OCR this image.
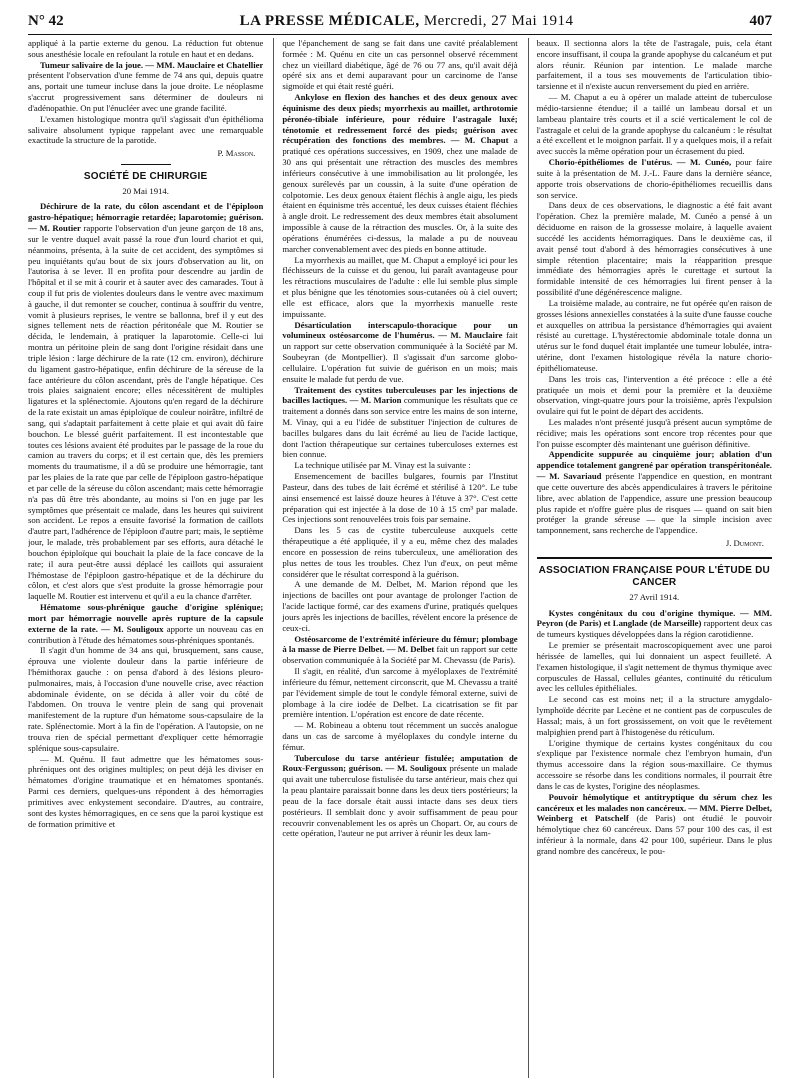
N° 42	LA PRESSE MÉDICALE, Mercredi, 27 Mai 1914	407

appliqué à la partie externe du genou. La réduction fut obtenue sous anesthésie locale en refoulant la rotule en haut et en dedans.

Tumeur salivaire de la joue. — MM. Mauclaire et Chatellier présentent l'observation d'une femme de 74 ans qui, depuis quatre ans, portait une tumeur incluse dans la joue droite. Le néoplasme s'accrut progressivement sans déterminer de douleurs ni d'adénopathie. On put l'énucléer avec une grande facilité.

L'examen histologique montra qu'il s'agissait d'un épithélioma salivaire absolument typique rappelant avec une remarquable exactitude la structure de la parotide.

P. Masson.
SOCIÉTÉ DE CHIRURGIE
20 Mai 1914.

Déchirure de la rate, du côlon ascendant et de l'épiploon gastro-hépatique; hémorragie retardée; laparotomie; guérison. — M. Routier rapporte l'observation d'un jeune garçon de 18 ans, sur le ventre duquel avait passé la roue d'un lourd chariot et qui, néanmoins, présenta, à la suite de cet accident, des symptômes si peu inquiétants qu'au bout de six jours d'observation au lit, on l'autorisa à se lever. Il en profita pour descendre au jardin de l'hôpital et il se mit à courir et à sauter avec des camarades. Tout à coup il fut pris de violentes douleurs dans le ventre avec maximum à gauche, il dut remonter se coucher, continua à souffrir du ventre, vomit à plusieurs reprises, le ventre se ballonna, bref il y eut des signes tellement nets de réaction péritonéale que M. Routier se décida, le lendemain, à pratiquer la laparotomie. Celle-ci lui montra un péritoine plein de sang dont l'origine résidait dans une triple lésion : large déchirure de la rate (12 cm. environ), déchirure du ligament gastro-hépatique, enfin déchirure de la séreuse de la face antérieure du côlon ascendant, près de l'angle hépatique. Ces trois plaies saignaient encore; elles nécessitèrent de multiples ligatures et la splénectomie. Ajoutons qu'en regard de la déchirure de la rate existait un amas épiploïque de couleur noirâtre, infiltré de sang, qui s'adaptait parfaitement à cette plaie et qui avait dû faire bouchon. Le blessé guérit parfaitement. Il est incontestable que toutes ces lésions avaient été produites par le passage de la roue du camion au travers du corps; et il est certain que, dès les premiers moments du traumatisme, il a dû se produire une hémorragie, tant par les plaies de la rate que par celle de l'épiploon gastro-hépatique et par celle de la séreuse du côlon ascendant; mais cette hémorragie n'a pas dû être très abondante, au moins si l'on en juge par les symptômes que présentait ce malade, dans les heures qui suivirent son accident. Le repos a ensuite favorisé la formation de caillots d'autre part, l'adhérence de l'épiploon d'autre part; mais, le septième jour, le malade, très probablement par ses efforts, aura détaché le bouchon épiploïque qui bouchait la plaie de la face concave de la rate; il aura peut-être aussi déplacé les caillots qui assuraient l'hémostase de l'épiploon gastro-hépatique et de la déchirure du côlon, et c'est alors que s'est produite la grosse hémorragie pour laquelle M. Routier est intervenu et qu'il a eu la chance d'arrêter.

Hématome sous-phrénique gauche d'origine splénique; mort par hémorragie nouvelle après rupture de la capsule externe de la rate. — M. Souligoux apporte un nouveau cas en contribution à l'étude des hématomes sous-phréniques spontanés.

Il s'agit d'un homme de 34 ans qui, brusquement, sans cause, éprouva une violente douleur dans la partie inférieure de l'hémithorax gauche : on pensa d'abord à des lésions pleuro-pulmonaires, mais, à l'occasion d'une nouvelle crise, avec réaction abdominale évidente, on se décida à aller voir du côté de l'abdomen. On trouva le ventre plein de sang qui provenait manifestement de la rupture d'un hématome sous-capsulaire de la rate. Splénectomie. Mort à la fin de l'opération. A l'autopsie, on ne trouva rien de spécial permettant d'expliquer cette hémorragie splénique sous-capsulaire.

— M. Quénu. Il faut admettre que les hématomes sous-phréniques ont des origines multiples; on peut déjà les diviser en hématomes d'origine traumatique et en hématomes spontanés. Parmi ces derniers, quelques-uns répondent à des hémorragies primitives avec enkystement secondaire. D'autres, au contraire, sont des kystes hémorragiques, en ce sens que la paroi kystique est de formation primitive et

que l'épanchement de sang se fait dans une cavité préalablement formée : M. Quénu en cite un cas personnel observé récemment chez un vieillard diabétique, âgé de 76 ou 77 ans, qu'il avait déjà opéré six ans et demi auparavant pour un carcinome de l'anse sigmoïde et qui était resté guéri.

Ankylose en flexion des hanches et des deux genoux avec équinisme des deux pieds; myorrhexis au maillet, arthrotomie péronéo-tibiale inférieure, pour réduire l'astragale luxé; ténotomie et redressement forcé des pieds; guérison avec récupération des fonctions des membres. — M. Chaput a pratiqué ces opérations successives, en 1909, chez une malade de 30 ans qui présentait une rétraction des muscles des membres inférieurs consécutive à une immobilisation au lit prolongée, les genoux surélevés par un coussin, à la suite d'une opération de colpotomie. Les deux genoux étaient fléchis à angle aigu, les pieds étaient en équinisme très accentué, les deux cuisses étaient fléchies à angle droit. Le redressement des deux membres était absolument impossible à cause de la rétraction des muscles. Or, à la suite des opérations énumérées ci-dessus, la malade a pu de nouveau marcher convenablement avec des pieds en bonne attitude.

La myorrhexis au maillet, que M. Chaput a employé ici pour les fléchisseurs de la cuisse et du genou, lui paraît avantageuse pour les rétractions musculaires de l'adulte : elle lui semble plus simple et plus bénigne que les ténotomies sous-cutanées où à ciel ouvert; elle est efficace, alors que la myorrhexis manuelle reste impuissante.

Désarticulation interscapulo-thoracique pour un volumineux ostéosarcome de l'humérus. — M. Mauclaire fait un rapport sur cette observation communiquée à la Société par M. Soubeyran (de Montpellier). Il s'agissait d'un sarcome globo-cellulaire. L'opération fut suivie de guérison en un mois; mais ensuite le malade fut perdu de vue.

Traitement des cystites tuberculeuses par les injections de bacilles lactiques. — M. Marion communique les résultats que ce traitement a donnés dans son service entre les mains de son interne, M. Vinay, qui a eu l'idée de substituer l'injection de cultures de bacilles bulgares dans du lait écrémé au lieu de l'acide lactique, dont l'action thérapeutique sur certaines tuberculoses externes est bien connue.

La technique utilisée par M. Vinay est la suivante :

Ensemencement de bacilles bulgares, fournis par l'Institut Pasteur, dans des tubes de lait écrémé et stérilisé à 120°. Le tube ainsi ensemencé est laissé douze heures à l'étuve à 37°. C'est cette préparation qui est injectée à la dose de 10 à 15 cm³ par malade. Ces injections sont renouvelées trois fois par semaine.

Dans les 5 cas de cystite tuberculeuse auxquels cette thérapeutique a été appliquée, il y a eu, même chez des malades encore en possession de reins tuberculeux, une amélioration des plus nettes de tous les troubles. Chez l'un d'eux, on peut même considérer que le résultat correspond à la guérison.

A une demande de M. Delbet, M. Marion répond que les injections de bacilles ont pour avantage de prolonger l'action de l'acide lactique formé, car des examens d'urine, pratiqués quelques jours après les injections de bacilles, révèlent encore la présence de ceux-ci.

Ostéosarcome de l'extrémité inférieure du fémur; plombage à la masse de Pierre Delbet. — M. Delbet fait un rapport sur cette observation communiquée à la Société par M. Chevassu (de Paris).

Il s'agit, en réalité, d'un sarcome à myéloplaxes de l'extrémité inférieure du fémur, nettement circonscrit, que M. Chevassu a traité par l'évidement simple de tout le condyle fémoral externe, suivi de plombage à la cire iodée de Delbet. La cicatrisation se fit par première intention. L'opération est encore de date récente.

— M. Robineau a obtenu tout récemment un succès analogue dans un cas de sarcome à myéloplaxes du condyle interne du fémur.

Tuberculose du tarse antérieur fistulée; amputation de Roux-Fergusson; guérison. — M. Souligoux présente un malade qui avait une tuberculose fistulisée du tarse antérieur, mais chez qui la peau plantaire paraissait bonne dans les deux tiers postérieurs; la peau de la face dorsale était aussi intacte dans ses deux tiers postérieurs. Il semblait donc y avoir suffisamment de peau pour recouvrir convenablement les os après un Chopart. Or, au cours de cette opération, l'auteur ne put arriver à réunir les deux lam-

beaux. Il sectionna alors la tête de l'astragale, puis, cela étant encore insuffisant, il coupa la grande apophyse du calcanéum et put alors réunir. Réunion par intention. Le malade marche parfaitement, il a tous ses mouvements de l'articulation tibio-tarsienne et il n'existe aucun renversement du pied en arrière.

— M. Chaput a eu à opérer un malade atteint de tuberculose médio-tarsienne étendue; il a taillé un lambeau dorsal et un lambeau plantaire très courts et il a scié verticalement le col de l'astragale et celui de la grande apophyse du calcanéum : le résultat a été excellent et le moignon parfait. Il y a quelques mois, il a refait avec succès la même opération pour un écrasement du pied.

Chorio-épithéliomes de l'utérus. — M. Cunéo, pour faire suite à la présentation de M. J.-L. Faure dans la dernière séance, apporte trois observations de chorio-épithéliomes recueillis dans son service.

Dans deux de ces observations, le diagnostic a été fait avant l'opération. Chez la première malade, M. Cunéo a pensé à un déciduome en raison de la grossesse molaire, à laquelle avaient succédé les accidents hémorragiques. Dans le deuxième cas, il avait pensé tout d'abord à des hémorragies consécutives à une simple rétention placentaire; mais la réapparition presque immédiate des hémorragies après le curettage et surtout la formidable intensité de ces hémorragies lui firent penser à la possibilité d'une dégénérescence maligne.

La troisième malade, au contraire, ne fut opérée qu'en raison de grosses lésions annexielles constatées à la suite d'une fausse couche et auxquelles on attribua la persistance d'hémorragies qui avaient résisté au curettage. L'hystérectomie abdominale totale donna un utérus sur le fond duquel était implantée une tumeur lobulée, intra-utérine, dont l'examen histologique révéla la nature chorio-épithéliomateuse.

Dans les trois cas, l'intervention a été précoce : elle a été pratiquée un mois et demi pour la première et la deuxième observation, vingt-quatre jours pour la troisième, après l'expulsion ovulaire qui fut le point de départ des accidents.

Les malades n'ont présenté jusqu'à présent aucun symptôme de récidive; mais les opérations sont encore trop récentes pour que l'on puisse escompter dès maintenant une guérison définitive.

Appendicite suppurée au cinquième jour; ablation d'un appendice totalement gangrené par opération transpéritonéale. — M. Savariaud présente l'appendice en question, en montrant que cette ouverture des abcès appendiculaires à travers le péritoine libre, avec ablation de l'appendice, assure une pression beaucoup plus rapide et n'offre guère plus de risques — quand on sait bien protéger la grande séreuse — que la simple incision avec tamponnement, sans recherche de l'appendice.

J. Dumont.
ASSOCIATION FRANÇAISE POUR L'ÉTUDE DU CANCER
27 Avril 1914.

Kystes congénitaux du cou d'origine thymique. — MM. Peyron (de Paris) et Langlade (de Marseille) rapportent deux cas de tumeurs kystiques développées dans la région carotidienne.

Le premier se présentait macroscopiquement avec une paroi hérissée de lamelles, qui lui donnaient un aspect feuilleté. A l'examen histologique, il s'agit nettement de thymus thymique avec corpuscules de Hassal, cellules géantes, continuité du réticulum avec les cellules épithéliales.

Le second cas est moins net; il a la structure amygdalo-lymphoïde décrite par Lecène et ne contient pas de corpuscules de Hassal; mais, à un fort grossissement, on voit que le revêtement malpighien prend part à l'histogenèse du réticulum.

L'origine thymique de certains kystes congénitaux du cou s'explique par l'existence normale chez l'embryon humain, d'un thymus accessoire dans la région sous-maxillaire. Ce thymus accessoire se résorbe dans les conditions normales, il pourrait être dans le cas de kystes, l'origine des néoplasmes.

Pouvoir hémolytique et antitryptique du sérum chez les cancéreux et les malades non cancéreux. — MM. Pierre Delbet, Weinberg et Patschelf (de Paris) ont étudié le pouvoir hémolytique chez 60 cancéreux. Dans 57 pour 100 des cas, il est inférieur à la normale, dans 42 pour 100, supérieur. Dans le plus grand nombre des cancéreux, le pou-
